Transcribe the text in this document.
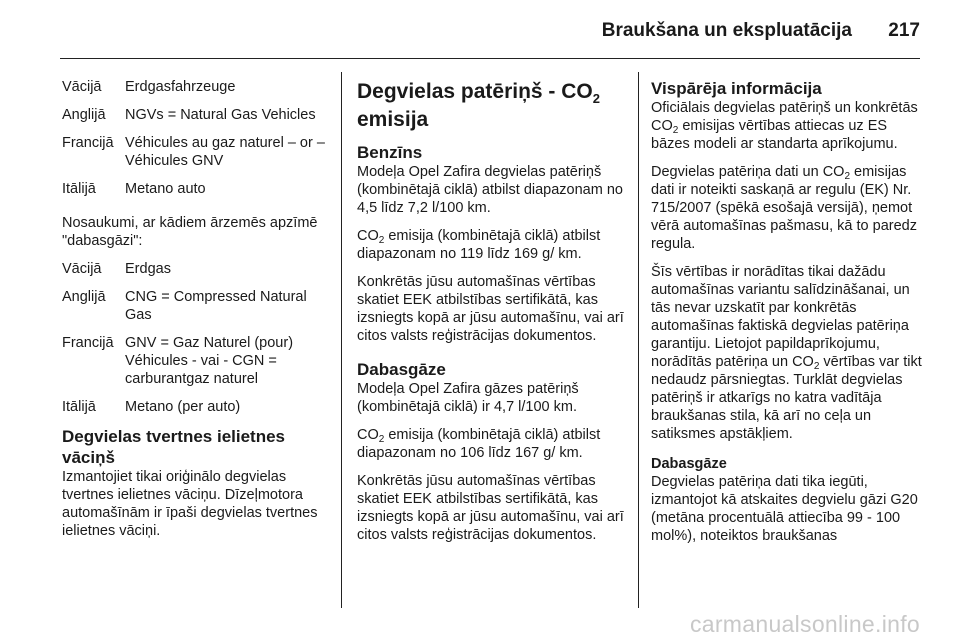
Braukšana un ekspluatācija 217
Vācijā	Erdgasfahrzeuge
Anglijā	NGVs = Natural Gas Vehicles
Francijā Véhicules au gaz naturel – or – Véhicules GNV
Itālijā	Metano auto

Nosaukumi, ar kādiem ārzemēs apzīmē "dabasgāzi":

Vācijā	Erdgas
Anglijā	CNG = Compressed Natural Gas
Francijā GNV = Gaz Naturel (pour) Véhicules - vai - CGN = carburantgaz naturel
Itālijā	Metano (per auto)
Degvielas tvertnes ielietnes vāciņš

Izmantojiet tikai oriģinālo degvielas tvertnes ielietnes vāciņu. Dīzeļmotora automašīnām ir īpaši degvielas tvertnes ielietnes vāciņi.

Degvielas patēriņš - $CO_2$
emisija
Benzīns

Modeļa Opel Zafira degvielas patēriņš (kombinētajā ciklā) atbilst diapazonam no 4,5 līdz 7,2 l/100 km.

$CO_2$ emisija (kombinētajā ciklā) atbilst diapazonam no 119 līdz 169 g/ km.

Konkrētās jūsu automašīnas vērtības skatiet EEK atbilstības sertifikātā, kas izsniegts kopā ar jūsu automašīnu, vai arī citos valsts reģistrācijas dokumentos.

Dabasgāze

Modeļa Opel Zafira gāzes patēriņš (kombinētajā ciklā) ir 4,7 l/100 km.

$CO_2$ emisija (kombinētajā ciklā) atbilst diapazonam no 106 līdz 167 g/ km.

Konkrētās jūsu automašīnas vērtības skatiet EEK atbilstības sertifikātā, kas izsniegts kopā ar jūsu automašīnu, vai arī citos valsts reģistrācijas dokumentos.

Vispārēja informācija

Oficiālais degvielas patēriņš un konkrētās $CO_2$ emisijas vērtības attiecas uz ES bāzes modeli ar standarta aprīkojumu.

Degvielas patēriņa dati un $CO_2$ emisijas dati ir noteikti saskaņā ar regulu (EK) Nr. 715/2007 (spēkā esošajā versijā), ņemot vērā automašīnas pašmasu, kā to paredz regula.

Šīs vērtības ir norādītas tikai dažādu automašīnas variantu salīdzināšanai, un tās nevar uzskatīt par konkrētās automašīnas faktiskā degvielas patēriņa garantiju. Lietojot papildaprīkojumu, norādītās patēriņa un $CO_2$ vērtības var tikt nedaudz pārsniegtas. Turklāt degvielas patēriņš ir atkarīgs no katra vadītāja braukšanas stila, kā arī no ceļa un satiksmes apstākļiem.

Dabasgāze

Degvielas patēriņa dati tika iegūti, izmantojot kā atskaites degvielu gāzi G20 (metāna procentuālā attiecība 99 - 100 mol%), noteiktos braukšanas

carmanualsonline.info
